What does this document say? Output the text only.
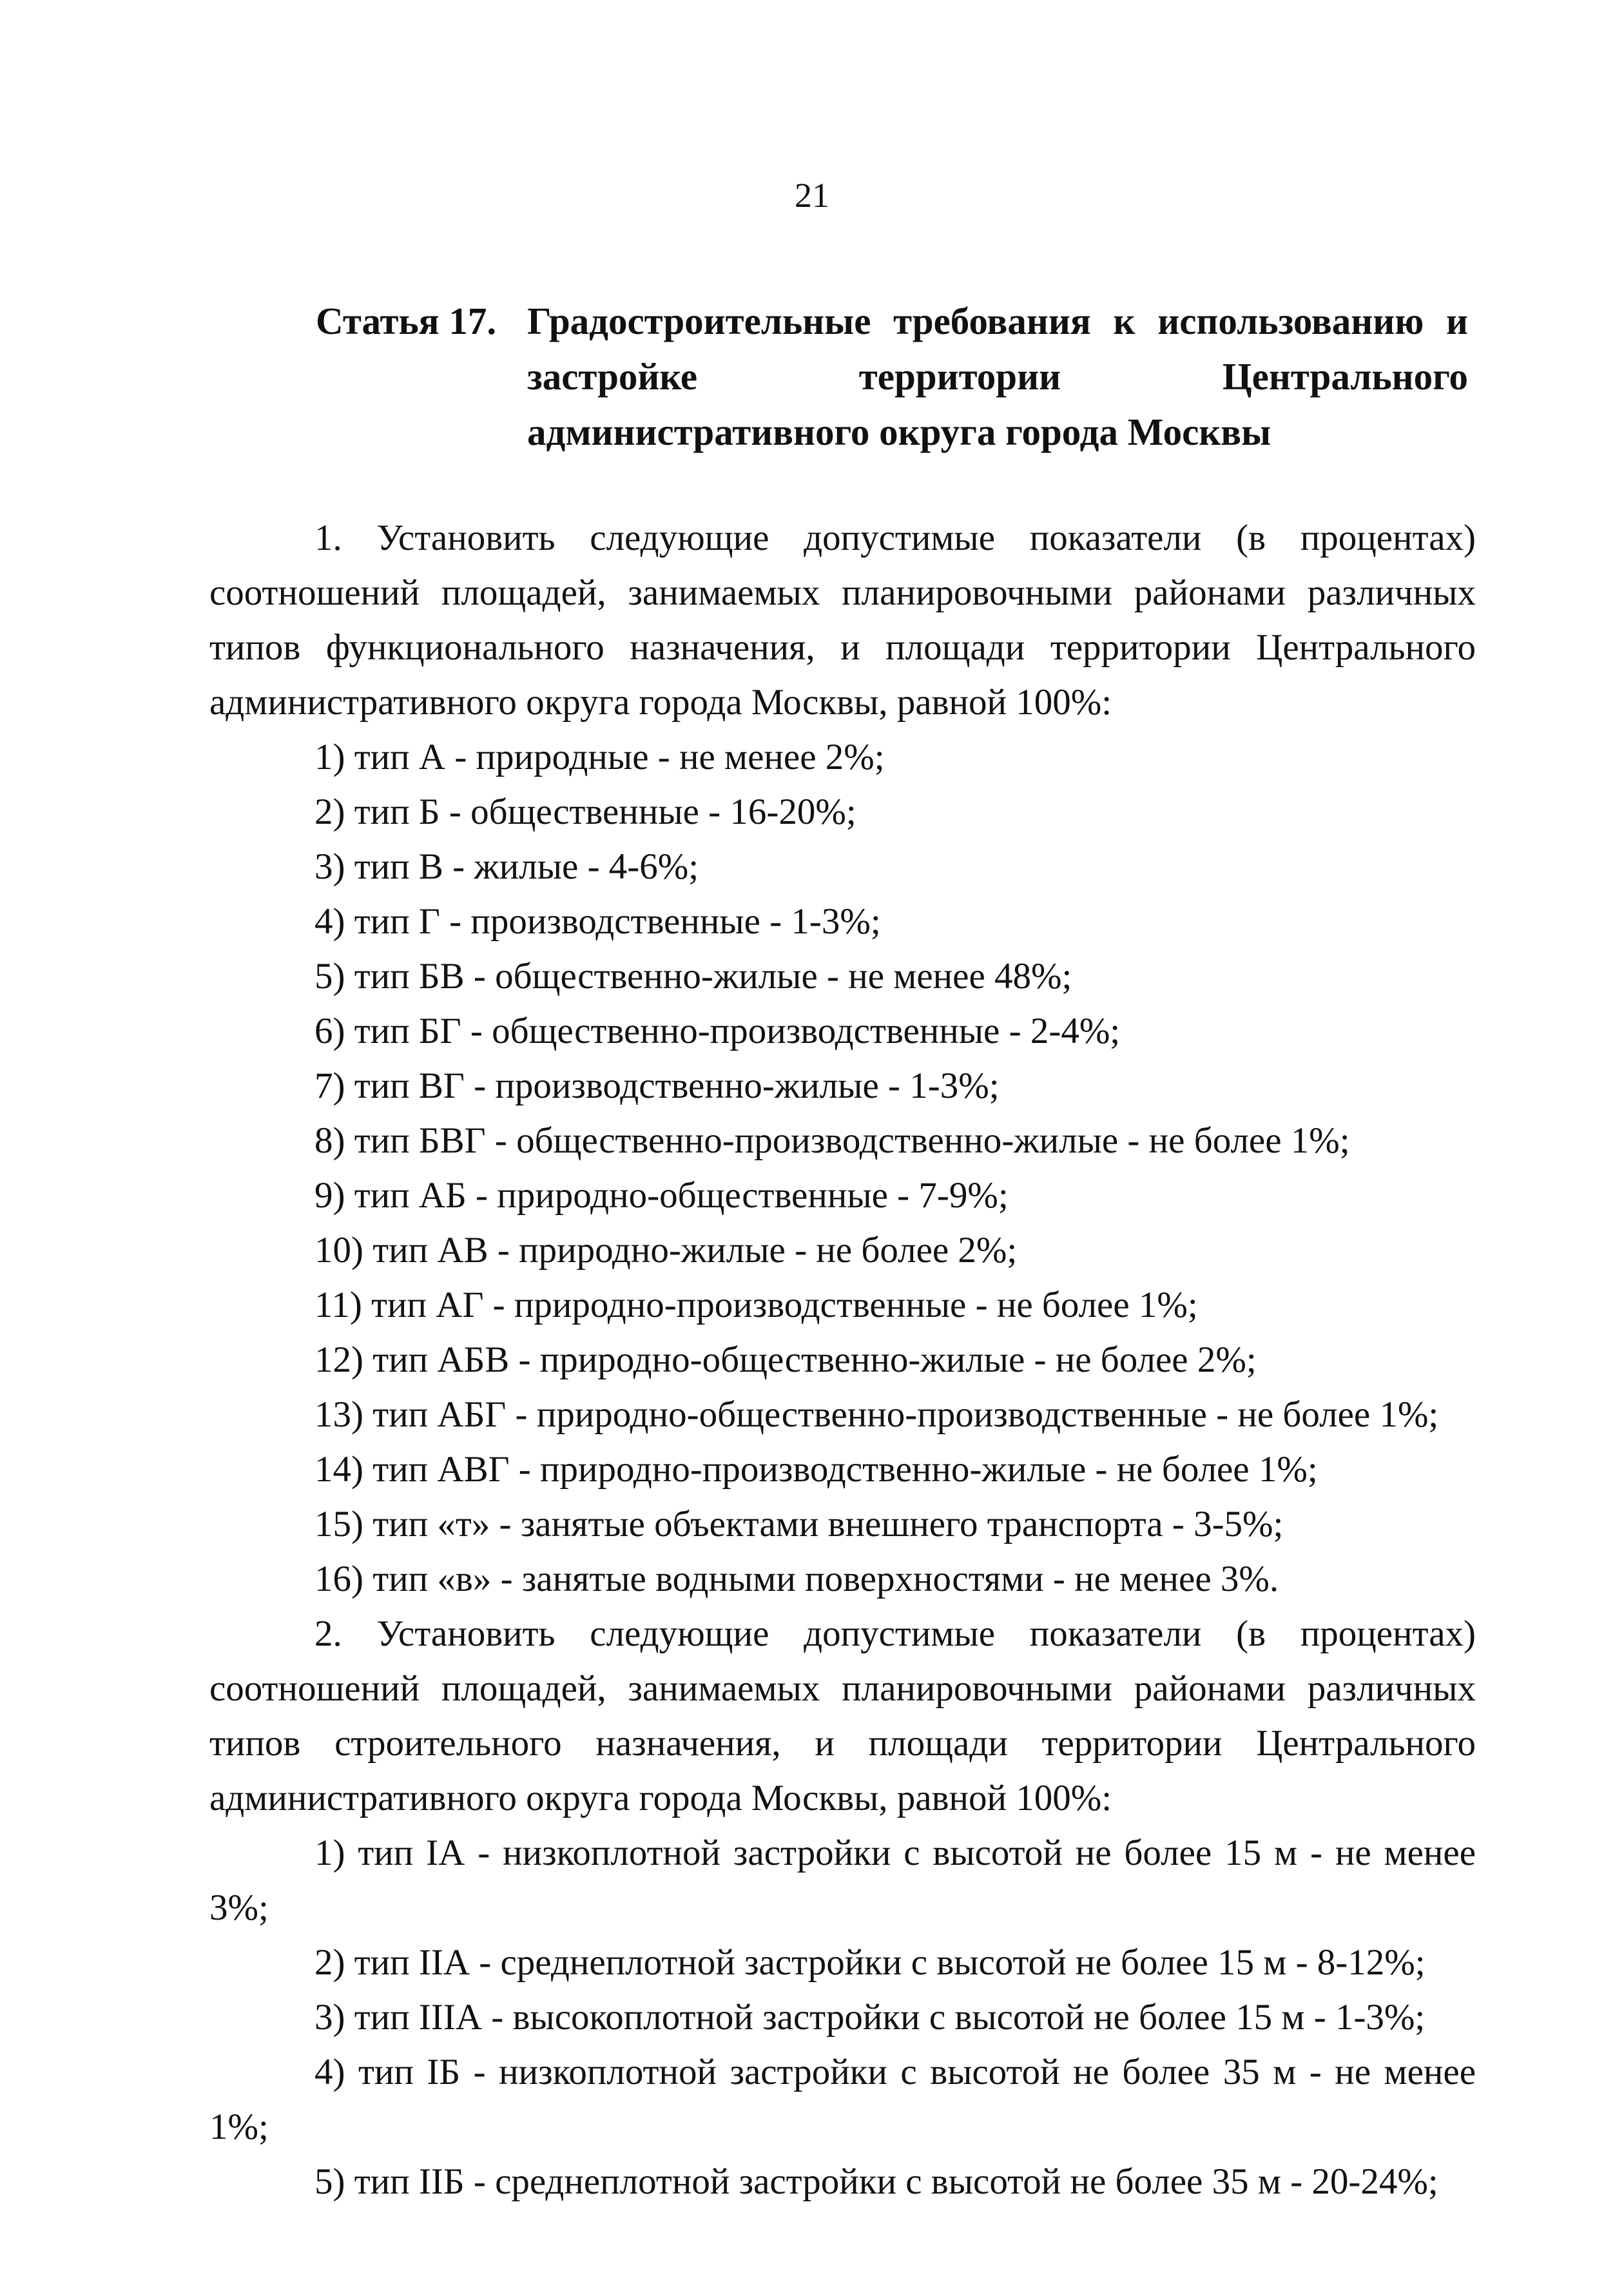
21
Статья 17. Градостроительные требования к использованию и застройке территории Центрального административного округа города Москвы

1. Установить следующие допустимые показатели (в процентах) соотношений площадей, занимаемых планировочными районами различных типов функционального назначения, и площади территории Центрального административного округа города Москвы, равной 100%:

1) тип А - природные - не менее 2%;

2) тип Б - общественные - 16-20%;

3) тип В - жилые - 4-6%;

4) тип Г - производственные - 1-3%;

5) тип БВ - общественно-жилые - не менее 48%;

6) тип БГ - общественно-производственные - 2-4%;

7) тип ВГ - производственно-жилые - 1-3%;

8) тип БВГ - общественно-производственно-жилые - не более 1%;

9) тип АБ - природно-общественные - 7-9%;

10) тип АВ - природно-жилые - не более 2%;

11) тип АГ - природно-производственные - не более 1%;

12) тип АБВ - природно-общественно-жилые - не более 2%;

13) тип АБГ - природно-общественно-производственные - не более 1%;

14) тип АВГ - природно-производственно-жилые - не более 1%;

15) тип «т» - занятые объектами внешнего транспорта - 3-5%;

16) тип «в» - занятые водными поверхностями - не менее 3%.

2. Установить следующие допустимые показатели (в процентах) соотношений площадей, занимаемых планировочными районами различных типов строительного назначения, и площади территории Центрального административного округа города Москвы, равной 100%:

1) тип IА - низкоплотной застройки с высотой не более 15 м - не менее 3%;

2) тип IIА - среднеплотной застройки с высотой не более 15 м - 8-12%;

3) тип IIIА - высокоплотной застройки с высотой не более 15 м - 1-3%;

4) тип IБ - низкоплотной застройки с высотой не более 35 м - не менее 1%;

5) тип IIБ - среднеплотной застройки с высотой не более 35 м - 20-24%;
